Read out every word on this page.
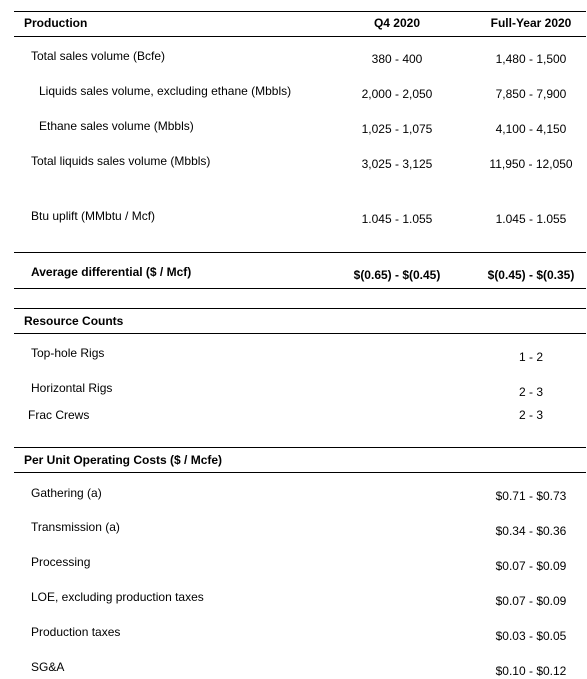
Production	Q4 2020	Full-Year 2020
Total sales volume (Bcfe)	380 - 400	1,480 - 1,500
Liquids sales volume, excluding ethane (Mbbls)	2,000 - 2,050	7,850 - 7,900
Ethane sales volume (Mbbls)	1,025 - 1,075	4,100 - 4,150
Total liquids sales volume (Mbbls)	3,025 - 3,125	11,950 - 12,050
Btu uplift (MMbtu / Mcf)	1.045 - 1.055	1.045 - 1.055
Average differential ($ / Mcf)	$(0.65) - $(0.45)	$(0.45) - $(0.35)
Resource Counts
Top-hole Rigs	1 - 2
Horizontal Rigs	2 - 3
Frac Crews	2 - 3
Per Unit Operating Costs ($ / Mcfe)
Gathering (a)	$0.71 - $0.73
Transmission (a)	$0.34 - $0.36
Processing	$0.07 - $0.09
LOE, excluding production taxes	$0.07 - $0.09
Production taxes	$0.03 - $0.05
SG&A	$0.10 - $0.12
